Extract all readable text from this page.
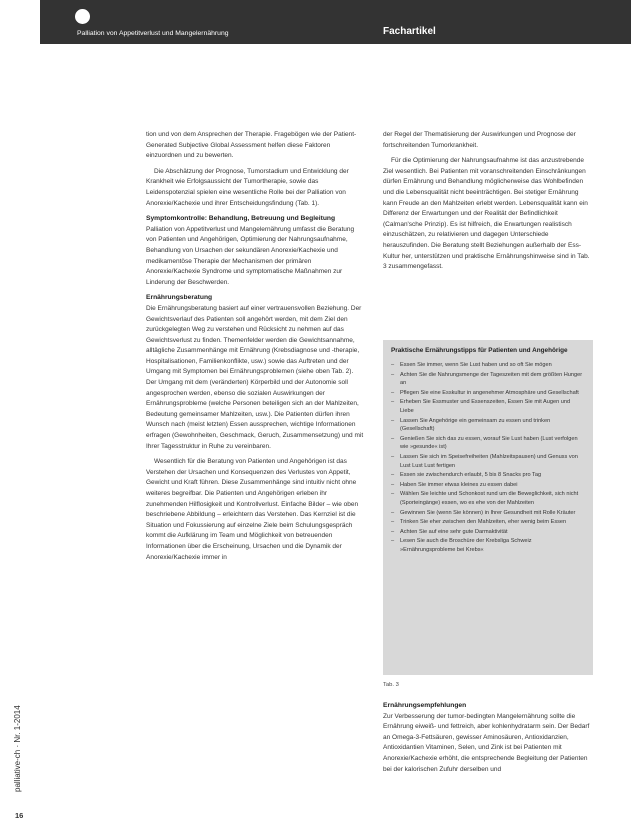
Palliation von Appetitverlust und Mangelernährung	Fachartikel
tion und von dem Ansprechen der Therapie. Fragebögen wie der Patient-Generated Subjective Global Assessment helfen diese Faktoren einzuordnen und zu bewerten.
Die Abschätzung der Prognose, Tumorstadium und Entwicklung der Krankheit wie Erfolgsaussicht der Tumortherapie, sowie das Leidenspotenzial spielen eine wesentliche Rolle bei der Palliation von Anorexie/Kachexie und ihrer Entscheidungsfindung (Tab. 1).
Symptomkontrolle: Behandlung, Betreuung und Begleitung
Palliation von Appetitverlust und Mangelernährung umfasst die Beratung von Patienten und Angehörigen, Optimierung der Nahrungsaufnahme, Behandlung von Ursachen der sekundären Anorexie/Kachexie und medikamentöse Therapie der Mechanismen der primären Anorexie/Kachexie Syndrome und symptomatische Maßnahmen zur Linderung der Beschwerden.
Ernährungsberatung
Die Ernährungsberatung basiert auf einer vertrauensvollen Beziehung. Der Gewichtsverlauf des Patienten soll angehört werden, mit dem Ziel den zurückgelegten Weg zu verstehen und Rücksicht zu nehmen auf das Gewichtsverlust zu finden. Themenfelder werden die Gewichtsannahme, alltägliche Zusammenhänge mit Ernährung (Krebsdiagnose und -therapie, Hospitalisationen, Familienkonflikte, usw.) sowie das Auftreten und der Umgang mit Symptomen bei Ernährungsproblemen (siehe oben Tab. 2). Der Umgang mit dem (veränderten) Körperbild und der Autonomie soll angesprochen werden, ebenso die sozialen Auswirkungen der Ernährungsprobleme (welche Personen beteiligen sich an der Mahlzeiten, Bedeutung gemeinsamer Mahlzeiten, usw.). Die Patienten dürfen ihren Wunsch nach (meist letzten) Essen aussprechen, wichtige Informationen erfragen (Gewohnheiten, Geschmack, Geruch, Zusammensetzung) und mit Ihrer Tagesstruktur in Ruhe zu vereinbaren.
Wesentlich für die Beratung von Patienten und Angehörigen ist das Verstehen der Ursachen und Konsequenzen des Verlustes von Appetit, Gewicht und Kraft führen. Diese Zusammenhänge sind intuitiv nicht ohne weiteres begreifbar. Die Patienten und Angehörigen erleben ihr zunehmenden Hilflosigkeit und Kontrollverlust. Einfache Bilder – wie oben beschriebene Abbildung – erleichtern das Verstehen. Das Kernziel ist die Situation und Fokussierung auf einzelne Ziele beim Schulungsgespräch kommt die Aufklärung im Team und Möglichkeit von betreuenden Informationen über die Erscheinung, Ursachen und die Dynamik der Anorexie/Kachexie immer in
der Regel der Thematisierung der Auswirkungen und Prognose der fortschreitenden Tumorkrankheit.
Für die Optimierung der Nahrungsaufnahme ist das anzustrebende Ziel wesentlich. Bei Patienten mit voranschreitenden Einschränkungen dürfen Ernährung und Behandlung möglicherweise das Wohlbefinden und die Lebensqualität nicht beeinträchtigen. Bei stetiger Ernährung kann Freude an den Mahlzeiten erlebt werden. Lebensqualität kann ein Differenz der Erwartungen und der Realität der Befindlichkeit (Calman'sche Prinzip). Es ist hilfreich, die Erwartungen realistisch einzuschätzen, zu relativieren und dagegen Unterschiede herauszufinden. Die Beratung stellt Beziehungen außerhalb der Ess-Kultur her, unterstützen und praktische Ernährungshinweise sind in Tab. 3 zusammengefasst.
Praktische Ernährungstipps für Patienten und Angehörige
– Essen Sie immer, wenn Sie Lust haben und so oft Sie mögen
– Achten Sie die Nahrungsmenge der Tageszeiten mit dem größten Hunger an
– Pflegen Sie eine Esskultur in angenehmer Atmosphäre und Gesellschaft
– Erheben Sie Essmuster und Essenszeiten, Essen Sie mit Augen und Liebe
– Lassen Sie Angehörige ein gemeinsam zu essen und trinken (Gesellschaft)
– Genießen Sie sich das zu essen, worauf Sie Lust haben (Lust verfolgen wie »gesunde« ist)
– Lassen Sie sich im Speisefreiheiten (Mahlzeitspausen) und Genuss von Lust Lust Lust fertigen
– Essen sie zwischendurch erlaubt, 5 bis 8 Snacks pro Tag
– Haben Sie immer etwas kleines zu essen dabei
– Wählen Sie leichte und Schonkost rund um die Beweglichkeit, sich nicht (Sporteingänge) essen, wo es ehe von der Mahlzeiten
– Gewinnen Sie (wenn Sie können) in Ihrer Gesundheit mit Rolle Kräuter
– Trinken Sie eher zwischen den Mahlzeiten, eher wenig beim Essen
– Achten Sie auf eine sehr gute Darmaktivität
– Lesen Sie auch die Broschüre der Krebsliga Schweiz »Ernährungsprobleme bei Krebs«
Tab. 3
Ernährungsempfehlungen
Zur Verbesserung der tumor-bedingten Mangelernährung sollte die Ernährung eiweiß- und fettreich, aber kohlenhydratarm sein. Der Bedarf an Omega-3-Fettsäuren, gewisser Aminosäuren, Antioxidanzien, Antioxidantien Vitaminen, Selen, und Zink ist bei Patienten mit Anorexie/Kachexie erhöht, die entsprechende Begleitung der Patienten bei der kalorischen Zufuhr derselben und
palliative-ch · Nr. 1-2014
16
